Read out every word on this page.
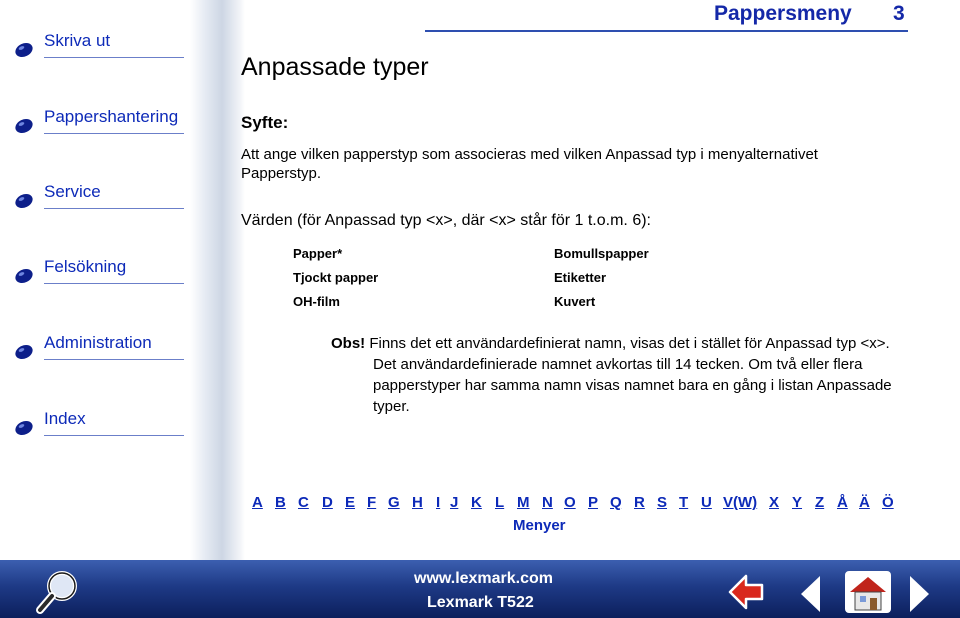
Skriva ut
Pappershantering
Service
Felsökning
Administration
Index
Pappersmeny 3
Anpassade typer
Syfte:
Att ange vilken papperstyp som associeras med vilken Anpassad typ i menyalternativet Papperstyp.
Värden (för Anpassad typ <x>, där <x> står för 1 t.o.m. 6):
Papper*
Tjockt papper
OH-film
Bomullspapper
Etiketter
Kuvert
Obs! Finns det ett användardefinierat namn, visas det i stället för Anpassad typ <x>. Det användardefinierade namnet avkortas till 14 tecken. Om två eller flera papperstyper har samma namn visas namnet bara en gång i listan Anpassade typer.
A B C D E F G H I J K L M N O P Q R S T U V(W) X Y Z Å Ä Ö
Menyer
www.lexmark.com
Lexmark T522
